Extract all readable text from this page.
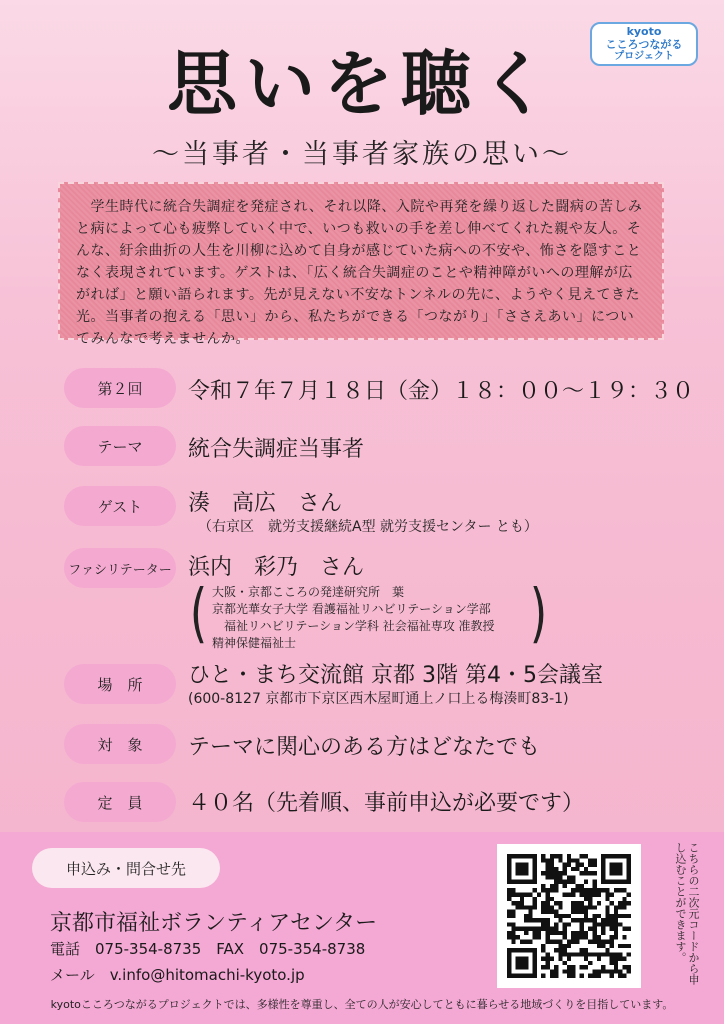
kyoto
こころつながる
プロジェクト
思いを聴く
〜当事者・当事者家族の思い〜
　学生時代に統合失調症を発症され、それ以降、入院や再発を繰り返した闘病の苦しみと病によって心も疲弊していく中で、いつも救いの手を差し伸べてくれた親や友人。そんな、紆余曲折の人生を川柳に込めて自身が感じていた病への不安や、怖さを隠すことなく表現されています。ゲストは、「広く統合失調症のことや精神障がいへの理解が広がれば」と願い語られます。先が見えない不安なトンネルの先に、ようやく見えてきた光。当事者の抱える「思い」から、私たちができる「つながり」「ささえあい」についてみんなで考えませんか。
第２回	令和７年７月１８日（金）１８：００〜１９：３０
テーマ	統合失調症当事者
ゲスト	湊　高広　さん
（右京区　就労支援継続A型 就労支援センター とも）
ファシリテーター 浜内　彩乃　さん
( 大阪・京都こころの発達研究所　葉
京都光華女子大学 看護福祉リハビリテーション学部
　福祉リハビリテーション学科 社会福祉専攻 准教授
精神保健福祉士	)
場　所	ひと・まち交流館 京都 3階 第4・5会議室
(600-8127 京都市下京区西木屋町通上ノ口上る梅湊町83-1)
対　象	テーマに関心のある方はどなたでも
定　員	４０名（先着順、事前申込が必要です）
申込み・問合せ先
京都市福祉ボランティアセンター
電話　075-354-8735　FAX　075-354-8738
メール　v.info@hitomachi-kyoto.jp	こちらの二次元コードから申し込むことができます。
kyotoこころつながるプロジェクトでは、多様性を尊重し、全ての人が安心してともに暮らせる地域づくりを目指しています。
